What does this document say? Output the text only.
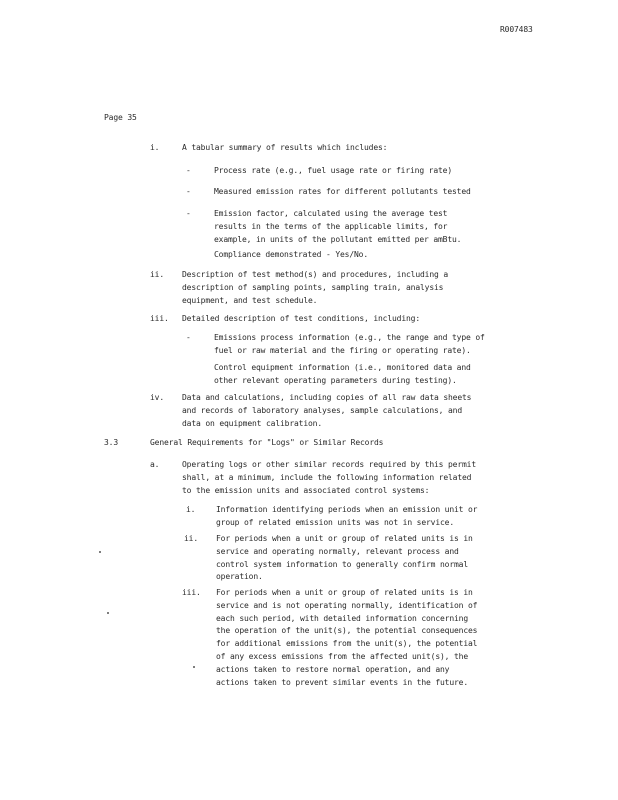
R007483
Page 35
i.	A tabular summary of results which includes:
-	Process rate (e.g., fuel usage rate or firing rate)
-	Measured emission rates for different pollutants tested
-	Emission factor, calculated using the average test
results in the terms of the applicable limits, for
example, in units of the pollutant emitted per amBtu.
Compliance demonstrated - Yes/No.
ii. Description of test method(s) and procedures, including a
description of sampling points, sampling train, analysis
equipment, and test schedule.
iii. Detailed description of test conditions, including:
-	Emissions process information (e.g., the range and type of
fuel or raw material and the firing or operating rate).
Control equipment information (i.e., monitored data and
other relevant operating parameters during testing).
iv. Data and calculations, including copies of all raw data sheets
and records of laboratory analyses, sample calculations, and
data on equipment calibration.
3.3	General Requirements for "Logs" or Similar Records
a.	Operating logs or other similar records required by this permit
shall, at a minimum, include the following information related
to the emission units and associated control systems:
i.	Information identifying periods when an emission unit or
group of related emission units was not in service.
ii. For periods when a unit or group of related units is in
service and operating normally, relevant process and
control system information to generally confirm normal
operation.
iii. For periods when a unit or group of related units is in
service and is not operating normally, identification of
each such period, with detailed information concerning
the operation of the unit(s), the potential consequences
for additional emissions from the unit(s), the potential
of any excess emissions from the affected unit(s), the
actions taken to restore normal operation, and any
actions taken to prevent similar events in the future.
